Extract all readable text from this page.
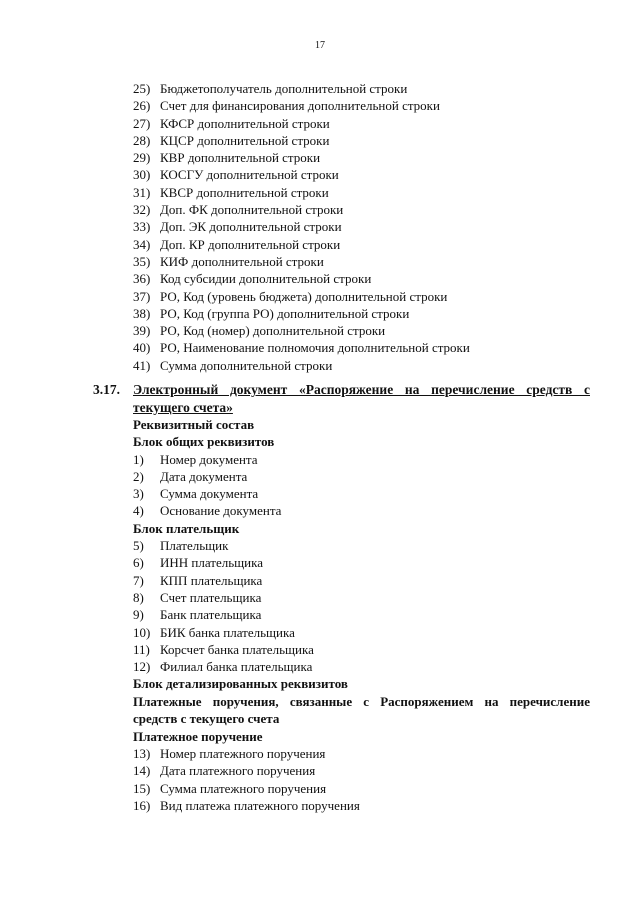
17
25) Бюджетополучатель дополнительной строки
26) Счет для финансирования дополнительной строки
27) КФСР дополнительной строки
28) КЦСР дополнительной строки
29) КВР дополнительной строки
30) КОСГУ дополнительной строки
31) КВСР дополнительной строки
32) Доп. ФК дополнительной строки
33) Доп. ЭК дополнительной строки
34) Доп. КР дополнительной строки
35) КИФ дополнительной строки
36) Код субсидии дополнительной строки
37) РО, Код (уровень бюджета) дополнительной строки
38) РО, Код (группа РО) дополнительной строки
39) РО, Код (номер) дополнительной строки
40) РО, Наименование полномочия дополнительной строки
41) Сумма дополнительной строки
3.17. Электронный документ «Распоряжение на перечисление средств с текущего счета»
Реквизитный состав
Блок общих реквизитов
1) Номер документа
2) Дата документа
3) Сумма документа
4) Основание документа
Блок плательщик
5) Плательщик
6) ИНН плательщика
7) КПП плательщика
8) Счет плательщика
9) Банк плательщика
10) БИК банка плательщика
11) Корсчет банка плательщика
12) Филиал банка плательщика
Блок детализированных реквизитов
Платежные поручения, связанные с Распоряжением на перечисление средств с текущего счета
Платежное поручение
13) Номер платежного поручения
14) Дата платежного поручения
15) Сумма платежного поручения
16) Вид платежа платежного поручения
